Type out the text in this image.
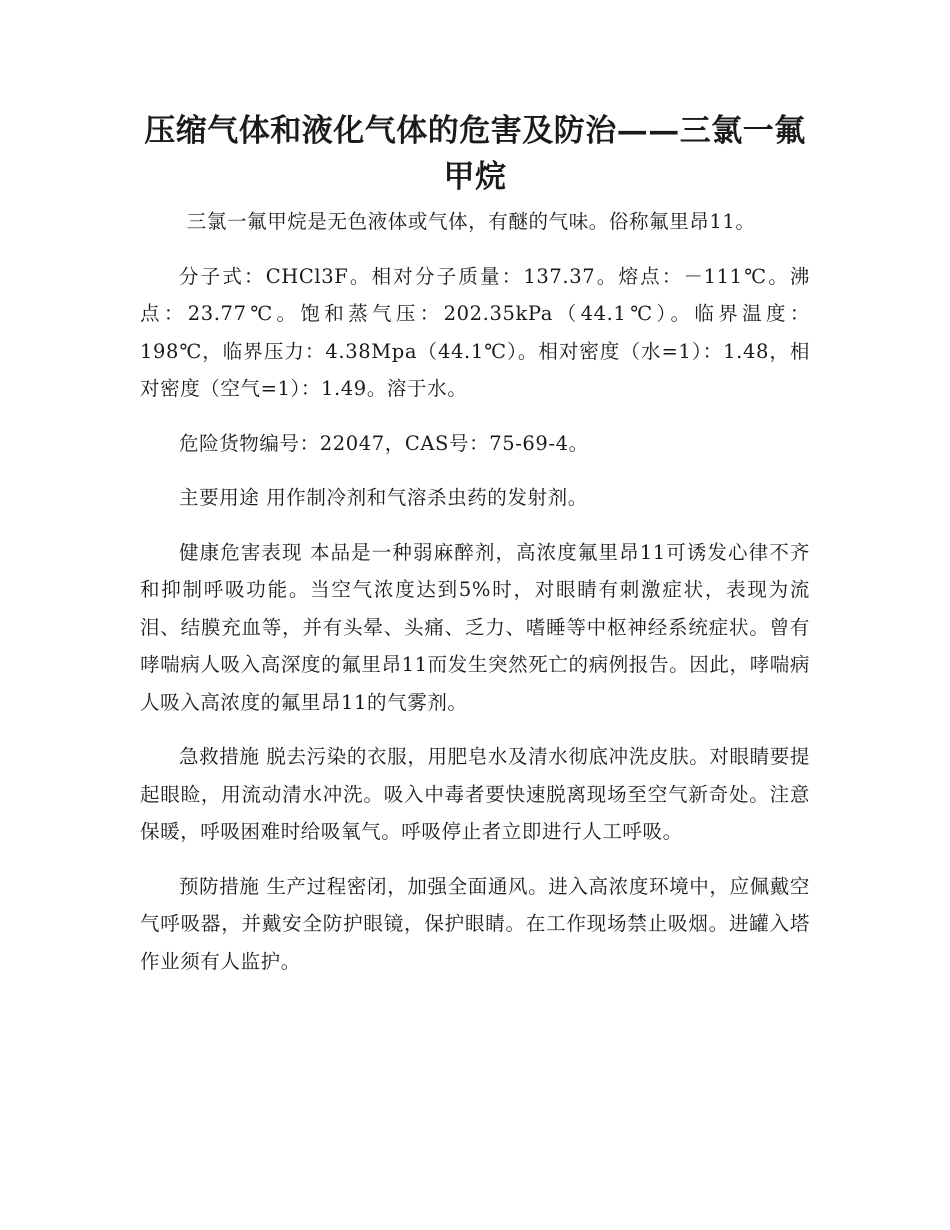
压缩气体和液化气体的危害及防治——三氯一氟甲烷

三氯一氟甲烷是无色液体或气体，有醚的气味。俗称氟里昂11。

分子式：CHCl3F。相对分子质量：137.37。熔点：－111℃。沸点：23.77℃。饱和蒸气压：202.35kPa（44.1℃）。临界温度：198℃，临界压力：4.38Mpa（44.1℃）。相对密度（水=1）：1.48，相对密度（空气=1）：1.49。溶于水。

危险货物编号：22047，CAS号：75-69-4。

主要用途 用作制冷剂和气溶杀虫药的发射剂。

健康危害表现 本品是一种弱麻醉剂，高浓度氟里昂11可诱发心律不齐和抑制呼吸功能。当空气浓度达到5%时，对眼睛有刺激症状，表现为流泪、结膜充血等，并有头晕、头痛、乏力、嗜睡等中枢神经系统症状。曾有哮喘病人吸入高深度的氟里昂11而发生突然死亡的病例报告。因此，哮喘病人吸入高浓度的氟里昂11的气雾剂。

急救措施 脱去污染的衣服，用肥皂水及清水彻底冲洗皮肤。对眼睛要提起眼睑，用流动清水冲洗。吸入中毒者要快速脱离现场至空气新奇处。注意保暖，呼吸困难时给吸氧气。呼吸停止者立即进行人工呼吸。

预防措施 生产过程密闭，加强全面通风。进入高浓度环境中，应佩戴空气呼吸器，并戴安全防护眼镜，保护眼睛。在工作现场禁止吸烟。进罐入塔作业须有人监护。
